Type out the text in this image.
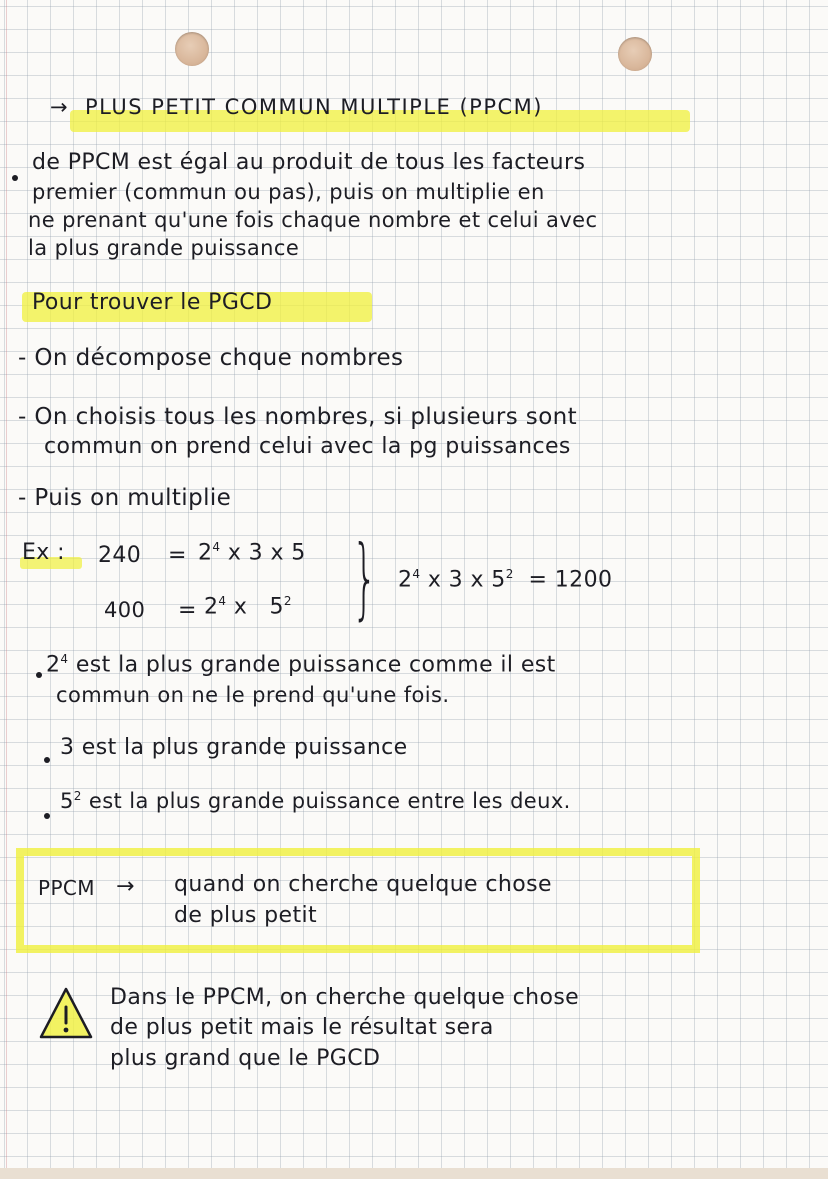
→ PLUS PETIT COMMUN MULTIPLE (PPCM)
de PPCM est égal au produit de tous les facteurs
premier (commun ou pas), puis on multiplie en
ne prenant qu'une fois chaque nombre et celui avec
la plus grande puissance
Pour trouver le PGCD
- On décompose chque nombres
- On choisis tous les nombres, si plusieurs sont
commun on prend celui avec la pg puissances
- Puis on multiplie
Ex : $240 = 2^4$ x 3 x 5
$400 = 2^4$ x $5^2$ } $2^4$ x 3 x $5^2 = 1200$
$2^4$ est la plus grande puissance comme il est
commun on ne le prend qu'une fois.
3 est la plus grande puissance
$5^2$ est la plus grande puissance entre les deux.
PPCM → quand on cherche quelque chose
de plus petit
Dans le PPCM, on cherche quelque chose
de plus petit mais le résultat sera
plus grand que le PGCD
